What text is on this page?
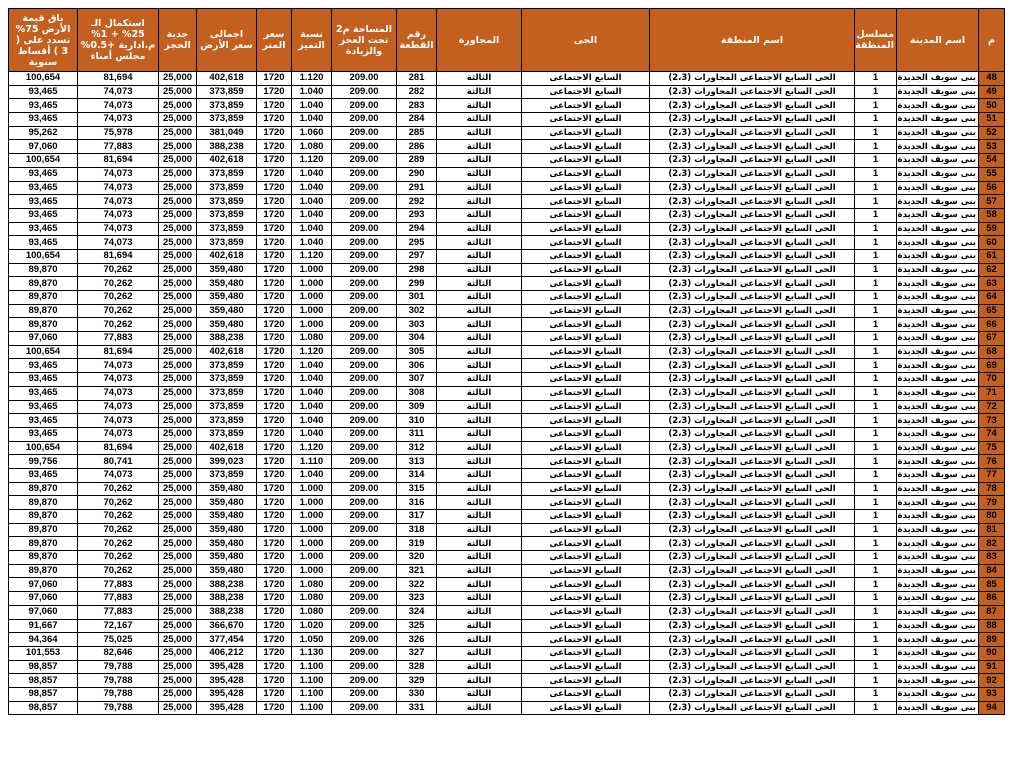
م	اسم المدينة	مسلسل المنطقة	اسم المنطقة	الحى	المجاورة	رقم القطعة	المساحة م2 تحت العجز والزيادة	نسبة التميز	سعر المتر	اجمالى سعر الأرض	جدية الحجز	استكمال الـ 25% + 1% م.ادارية +0.5% مجلس أمناء	باق قيمة الأرض 75% تسدد على ( 3 ) أقساط سنوية
48	بنى سويف الجديدة	1	الحى السابع الاجتماعى المجاورات (2،3)	السابع الاجتماعى	الثالثة	281	209.00	1.120	1720	402,618	25,000	81,694	100,654
49	بنى سويف الجديدة	1	الحى السابع الاجتماعى المجاورات (2،3)	السابع الاجتماعى	الثالثة	282	209.00	1.040	1720	373,859	25,000	74,073	93,465
50	بنى سويف الجديدة	1	الحى السابع الاجتماعى المجاورات (2،3)	السابع الاجتماعى	الثالثة	283	209.00	1.040	1720	373,859	25,000	74,073	93,465
51	بنى سويف الجديدة	1	الحى السابع الاجتماعى المجاورات (2،3)	السابع الاجتماعى	الثالثة	284	209.00	1.040	1720	373,859	25,000	74,073	93,465
52	بنى سويف الجديدة	1	الحى السابع الاجتماعى المجاورات (2،3)	السابع الاجتماعى	الثالثة	285	209.00	1.060	1720	381,049	25,000	75,978	95,262
53	بنى سويف الجديدة	1	الحى السابع الاجتماعى المجاورات (2،3)	السابع الاجتماعى	الثالثة	286	209.00	1.080	1720	388,238	25,000	77,883	97,060
54	بنى سويف الجديدة	1	الحى السابع الاجتماعى المجاورات (2،3)	السابع الاجتماعى	الثالثة	289	209.00	1.120	1720	402,618	25,000	81,694	100,654
55	بنى سويف الجديدة	1	الحى السابع الاجتماعى المجاورات (2،3)	السابع الاجتماعى	الثالثة	290	209.00	1.040	1720	373,859	25,000	74,073	93,465
56	بنى سويف الجديدة	1	الحى السابع الاجتماعى المجاورات (2،3)	السابع الاجتماعى	الثالثة	291	209.00	1.040	1720	373,859	25,000	74,073	93,465
57	بنى سويف الجديدة	1	الحى السابع الاجتماعى المجاورات (2،3)	السابع الاجتماعى	الثالثة	292	209.00	1.040	1720	373,859	25,000	74,073	93,465
58	بنى سويف الجديدة	1	الحى السابع الاجتماعى المجاورات (2،3)	السابع الاجتماعى	الثالثة	293	209.00	1.040	1720	373,859	25,000	74,073	93,465
59	بنى سويف الجديدة	1	الحى السابع الاجتماعى المجاورات (2،3)	السابع الاجتماعى	الثالثة	294	209.00	1.040	1720	373,859	25,000	74,073	93,465
60	بنى سويف الجديدة	1	الحى السابع الاجتماعى المجاورات (2،3)	السابع الاجتماعى	الثالثة	295	209.00	1.040	1720	373,859	25,000	74,073	93,465
61	بنى سويف الجديدة	1	الحى السابع الاجتماعى المجاورات (2،3)	السابع الاجتماعى	الثالثة	297	209.00	1.120	1720	402,618	25,000	81,694	100,654
62	بنى سويف الجديدة	1	الحى السابع الاجتماعى المجاورات (2،3)	السابع الاجتماعى	الثالثة	298	209.00	1.000	1720	359,480	25,000	70,262	89,870
63	بنى سويف الجديدة	1	الحى السابع الاجتماعى المجاورات (2،3)	السابع الاجتماعى	الثالثة	299	209.00	1.000	1720	359,480	25,000	70,262	89,870
64	بنى سويف الجديدة	1	الحى السابع الاجتماعى المجاورات (2،3)	السابع الاجتماعى	الثالثة	301	209.00	1.000	1720	359,480	25,000	70,262	89,870
65	بنى سويف الجديدة	1	الحى السابع الاجتماعى المجاورات (2،3)	السابع الاجتماعى	الثالثة	302	209.00	1.000	1720	359,480	25,000	70,262	89,870
66	بنى سويف الجديدة	1	الحى السابع الاجتماعى المجاورات (2،3)	السابع الاجتماعى	الثالثة	303	209.00	1.000	1720	359,480	25,000	70,262	89,870
67	بنى سويف الجديدة	1	الحى السابع الاجتماعى المجاورات (2،3)	السابع الاجتماعى	الثالثة	304	209.00	1.080	1720	388,238	25,000	77,883	97,060
68	بنى سويف الجديدة	1	الحى السابع الاجتماعى المجاورات (2،3)	السابع الاجتماعى	الثالثة	305	209.00	1.120	1720	402,618	25,000	81,694	100,654
69	بنى سويف الجديدة	1	الحى السابع الاجتماعى المجاورات (2،3)	السابع الاجتماعى	الثالثة	306	209.00	1.040	1720	373,859	25,000	74,073	93,465
70	بنى سويف الجديدة	1	الحى السابع الاجتماعى المجاورات (2،3)	السابع الاجتماعى	الثالثة	307	209.00	1.040	1720	373,859	25,000	74,073	93,465
71	بنى سويف الجديدة	1	الحى السابع الاجتماعى المجاورات (2،3)	السابع الاجتماعى	الثالثة	308	209.00	1.040	1720	373,859	25,000	74,073	93,465
72	بنى سويف الجديدة	1	الحى السابع الاجتماعى المجاورات (2،3)	السابع الاجتماعى	الثالثة	309	209.00	1.040	1720	373,859	25,000	74,073	93,465
73	بنى سويف الجديدة	1	الحى السابع الاجتماعى المجاورات (2،3)	السابع الاجتماعى	الثالثة	310	209.00	1.040	1720	373,859	25,000	74,073	93,465
74	بنى سويف الجديدة	1	الحى السابع الاجتماعى المجاورات (2،3)	السابع الاجتماعى	الثالثة	311	209.00	1.040	1720	373,859	25,000	74,073	93,465
75	بنى سويف الجديدة	1	الحى السابع الاجتماعى المجاورات (2،3)	السابع الاجتماعى	الثالثة	312	209.00	1.120	1720	402,618	25,000	81,694	100,654
76	بنى سويف الجديدة	1	الحى السابع الاجتماعى المجاورات (2،3)	السابع الاجتماعى	الثالثة	313	209.00	1.110	1720	399,023	25,000	80,741	99,756
77	بنى سويف الجديدة	1	الحى السابع الاجتماعى المجاورات (2،3)	السابع الاجتماعى	الثالثة	314	209.00	1.040	1720	373,859	25,000	74,073	93,465
78	بنى سويف الجديدة	1	الحى السابع الاجتماعى المجاورات (2،3)	السابع الاجتماعى	الثالثة	315	209.00	1.000	1720	359,480	25,000	70,262	89,870
79	بنى سويف الجديدة	1	الحى السابع الاجتماعى المجاورات (2،3)	السابع الاجتماعى	الثالثة	316	209.00	1.000	1720	359,480	25,000	70,262	89,870
80	بنى سويف الجديدة	1	الحى السابع الاجتماعى المجاورات (2،3)	السابع الاجتماعى	الثالثة	317	209.00	1.000	1720	359,480	25,000	70,262	89,870
81	بنى سويف الجديدة	1	الحى السابع الاجتماعى المجاورات (2،3)	السابع الاجتماعى	الثالثة	318	209.00	1.000	1720	359,480	25,000	70,262	89,870
82	بنى سويف الجديدة	1	الحى السابع الاجتماعى المجاورات (2،3)	السابع الاجتماعى	الثالثة	319	209.00	1.000	1720	359,480	25,000	70,262	89,870
83	بنى سويف الجديدة	1	الحى السابع الاجتماعى المجاورات (2،3)	السابع الاجتماعى	الثالثة	320	209.00	1.000	1720	359,480	25,000	70,262	89,870
84	بنى سويف الجديدة	1	الحى السابع الاجتماعى المجاورات (2،3)	السابع الاجتماعى	الثالثة	321	209.00	1.000	1720	359,480	25,000	70,262	89,870
85	بنى سويف الجديدة	1	الحى السابع الاجتماعى المجاورات (2،3)	السابع الاجتماعى	الثالثة	322	209.00	1.080	1720	388,238	25,000	77,883	97,060
86	بنى سويف الجديدة	1	الحى السابع الاجتماعى المجاورات (2،3)	السابع الاجتماعى	الثالثة	323	209.00	1.080	1720	388,238	25,000	77,883	97,060
87	بنى سويف الجديدة	1	الحى السابع الاجتماعى المجاورات (2،3)	السابع الاجتماعى	الثالثة	324	209.00	1.080	1720	388,238	25,000	77,883	97,060
88	بنى سويف الجديدة	1	الحى السابع الاجتماعى المجاورات (2،3)	السابع الاجتماعى	الثالثة	325	209.00	1.020	1720	366,670	25,000	72,167	91,667
89	بنى سويف الجديدة	1	الحى السابع الاجتماعى المجاورات (2،3)	السابع الاجتماعى	الثالثة	326	209.00	1.050	1720	377,454	25,000	75,025	94,364
90	بنى سويف الجديدة	1	الحى السابع الاجتماعى المجاورات (2،3)	السابع الاجتماعى	الثالثة	327	209.00	1.130	1720	406,212	25,000	82,646	101,553
91	بنى سويف الجديدة	1	الحى السابع الاجتماعى المجاورات (2،3)	السابع الاجتماعى	الثالثة	328	209.00	1.100	1720	395,428	25,000	79,788	98,857
92	بنى سويف الجديدة	1	الحى السابع الاجتماعى المجاورات (2،3)	السابع الاجتماعى	الثالثة	329	209.00	1.100	1720	395,428	25,000	79,788	98,857
93	بنى سويف الجديدة	1	الحى السابع الاجتماعى المجاورات (2،3)	السابع الاجتماعى	الثالثة	330	209.00	1.100	1720	395,428	25,000	79,788	98,857
94	بنى سويف الجديدة	1	الحى السابع الاجتماعى المجاورات (2،3)	السابع الاجتماعى	الثالثة	331	209.00	1.100	1720	395,428	25,000	79,788	98,857
